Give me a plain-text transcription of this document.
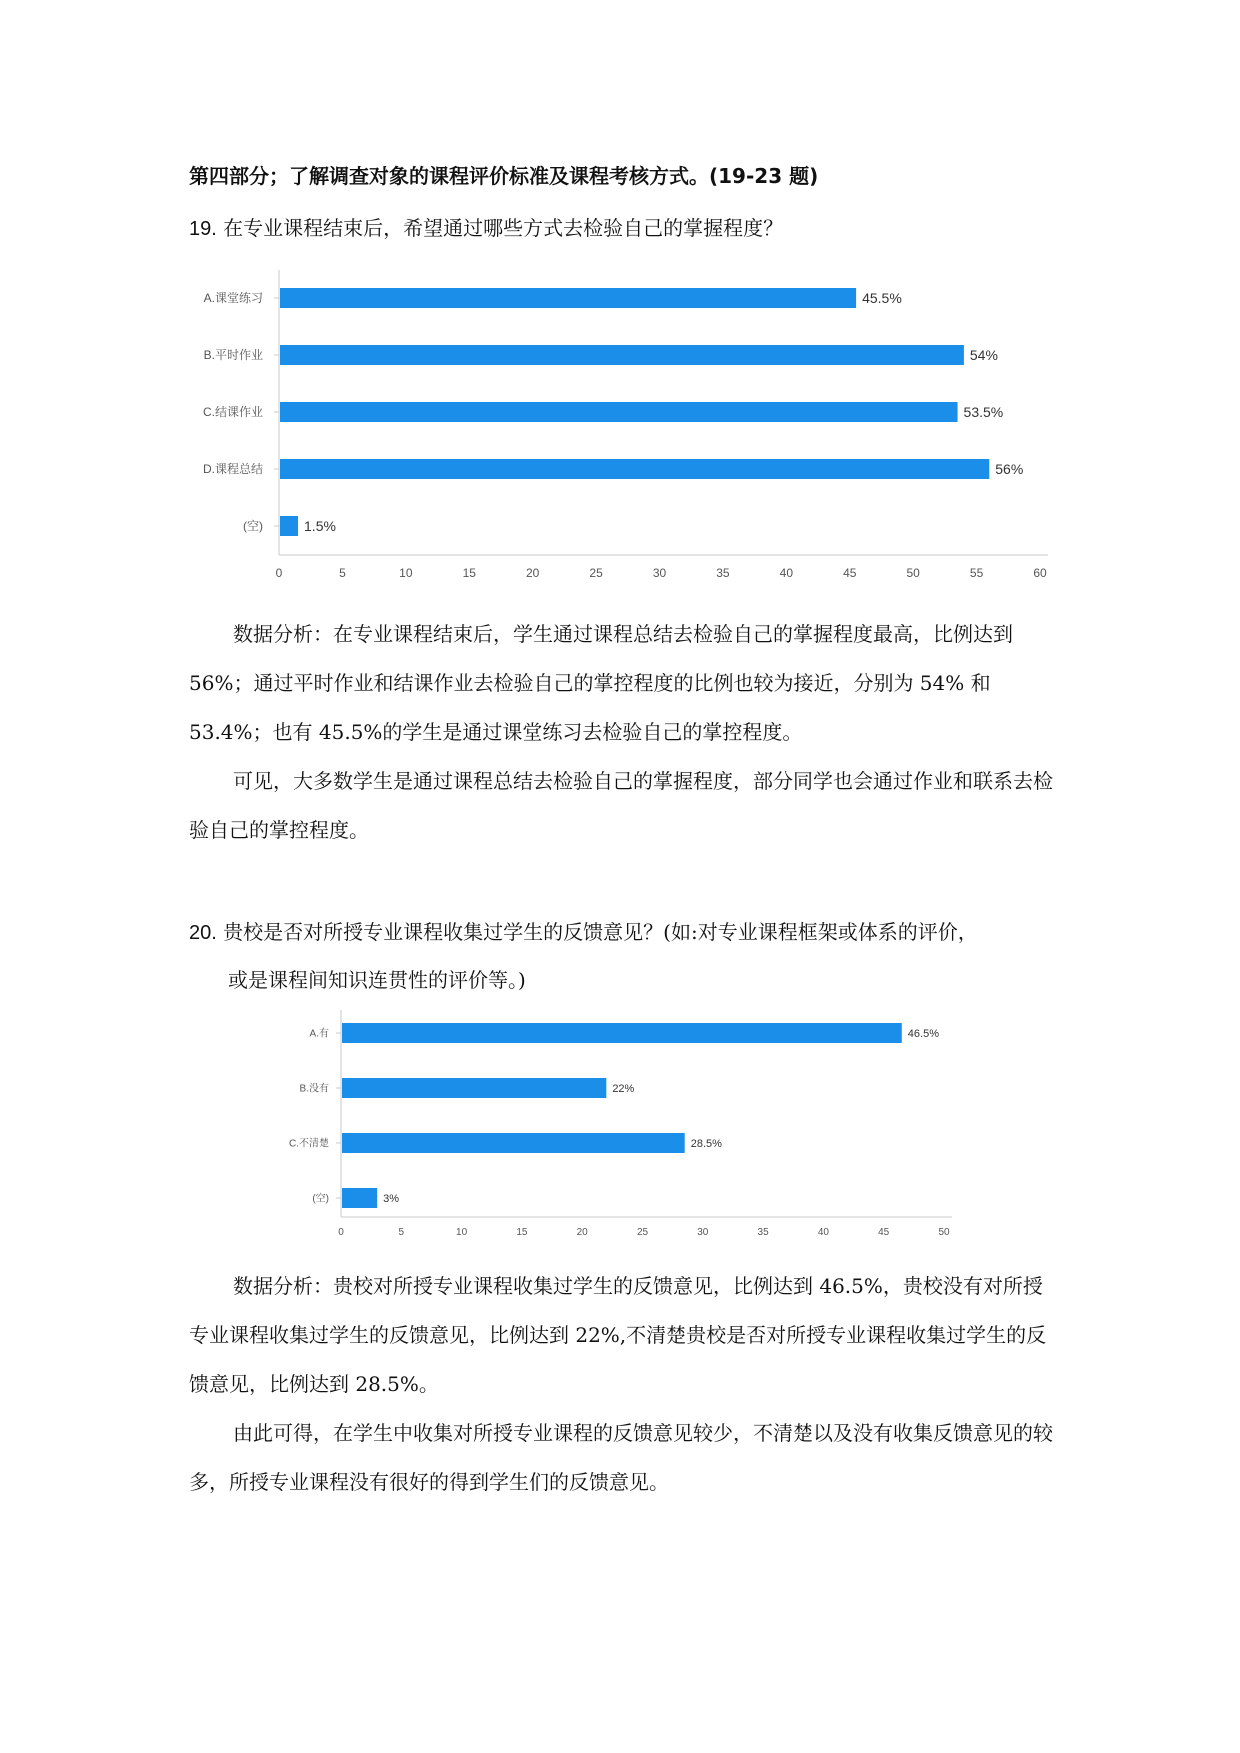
第四部分；了解调查对象的课程评价标准及课程考核方式。(19-23 题)
19. 在专业课程结束后，希望通过哪些方式去检验自己的掌握程度？
0	5	10	15	20	25	30	35	40	45	50	55	60
A.课堂练习	45.5%
B.平时作业	54%
C.结课作业	53.5%
D.课程总结	56%
(空)	1.5%
数据分析：在专业课程结束后，学生通过课程总结去检验自己的掌握程度最高，比例达到 56%；通过平时作业和结课作业去检验自己的掌控程度的比例也较为接近，分别为 54% 和 53.4%；也有 45.5%的学生是通过课堂练习去检验自己的掌控程度。
可见，大多数学生是通过课程总结去检验自己的掌握程度，部分同学也会通过作业和联系去检验自己的掌控程度。
20. 贵校是否对所授专业课程收集过学生的反馈意见？(如:对专业课程框架或体系的评价，
或是课程间知识连贯性的评价等。)
0	5	10	15	20	25	30	35	40	45	50
A.有	46.5%
B.没有	22%
C.不清楚	28.5%
(空)	3%
数据分析：贵校对所授专业课程收集过学生的反馈意见，比例达到 46.5%，贵校没有对所授专业课程收集过学生的反馈意见，比例达到 22%,不清楚贵校是否对所授专业课程收集过学生的反馈意见，比例达到 28.5%。
由此可得，在学生中收集对所授专业课程的反馈意见较少，不清楚以及没有收集反馈意见的较多，所授专业课程没有很好的得到学生们的反馈意见。
